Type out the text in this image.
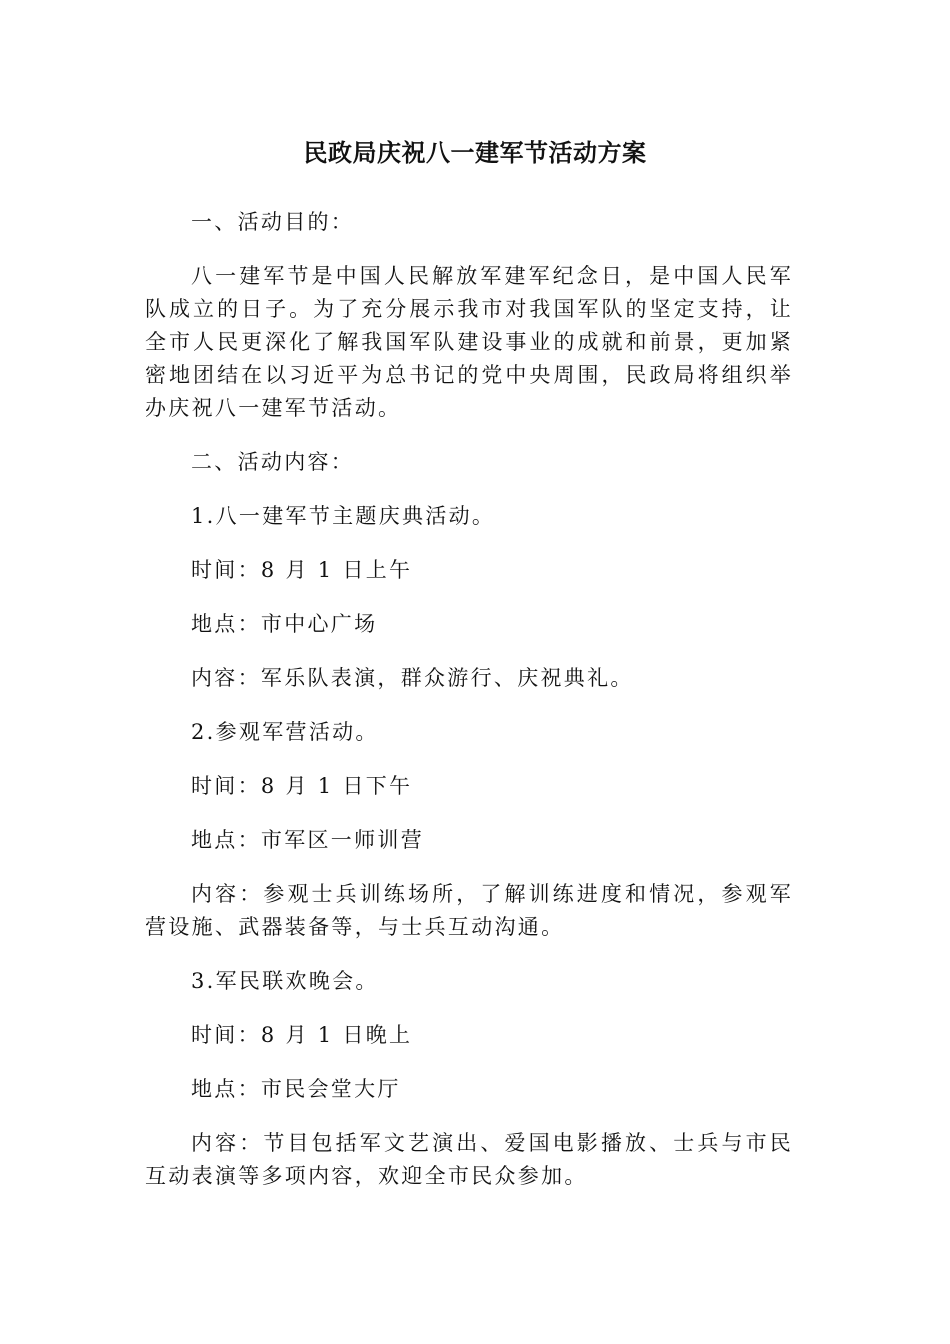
民政局庆祝八一建军节活动方案

一、活动目的：

八一建军节是中国人民解放军建军纪念日，是中国人民军队成立的日子。为了充分展示我市对我国军队的坚定支持，让全市人民更深化了解我国军队建设事业的成就和前景，更加紧密地团结在以习近平为总书记的党中央周围，民政局将组织举办庆祝八一建军节活动。

二、活动内容：

1.八一建军节主题庆典活动。

时间：8 月 1 日上午

地点：市中心广场

内容：军乐队表演，群众游行、庆祝典礼。

2.参观军营活动。

时间：8 月 1 日下午

地点：市军区一师训营

内容：参观士兵训练场所，了解训练进度和情况，参观军营设施、武器装备等，与士兵互动沟通。

3.军民联欢晚会。

时间：8 月 1 日晚上

地点：市民会堂大厅

内容：节目包括军文艺演出、爱国电影播放、士兵与市民互动表演等多项内容，欢迎全市民众参加。
